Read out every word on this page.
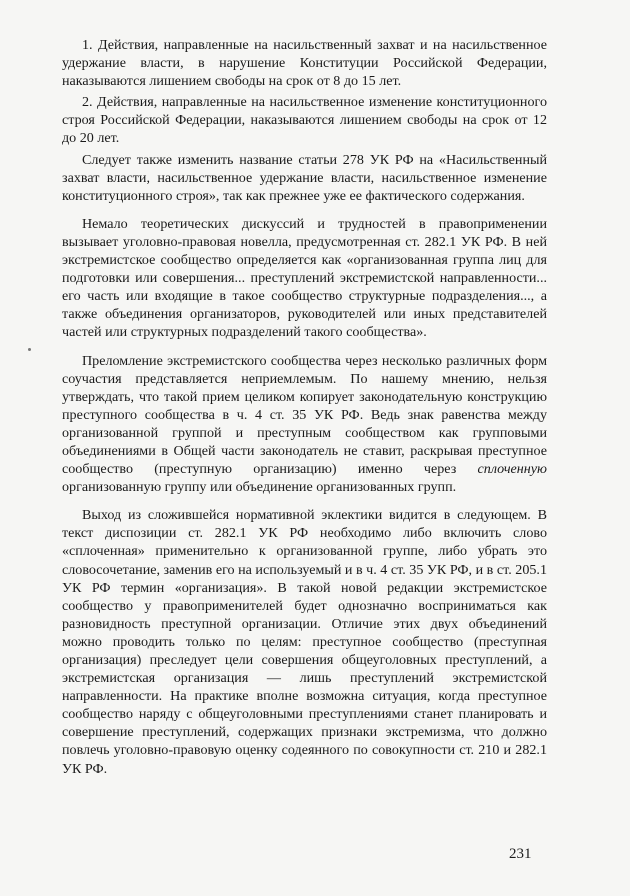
1. Действия, направленные на насильственный захват и на насильственное удержание власти, в нарушение Конституции Российской Федерации, наказываются лишением свободы на срок от 8 до 15 лет.

2. Действия, направленные на насильственное изменение конституционного строя Российской Федерации, наказываются лишением свободы на срок от 12 до 20 лет.

Следует также изменить название статьи 278 УК РФ на «Насильственный захват власти, насильственное удержание власти, насильственное изменение конституционного строя», так как прежнее уже ее фактического содержания.

Немало теоретических дискуссий и трудностей в правоприменении вызывает уголовно-правовая новелла, предусмотренная ст. 282.1 УК РФ. В ней экстремистское сообщество определяется как «организованная группа лиц для подготовки или совершения... преступлений экстремистской направленности... его часть или входящие в такое сообщество структурные подразделения..., а также объединения организаторов, руководителей или иных представителей частей или структурных подразделений такого сообщества».

Преломление экстремистского сообщества через несколько различных форм соучастия представляется неприемлемым. По нашему мнению, нельзя утверждать, что такой прием целиком копирует законодательную конструкцию преступного сообщества в ч. 4 ст. 35 УК РФ. Ведь знак равенства между организованной группой и преступным сообществом как групповыми объединениями в Общей части законодатель не ставит, раскрывая преступное сообщество (преступную организацию) именно через сплоченную организованную группу или объединение организованных групп.

Выход из сложившейся нормативной эклектики видится в следующем. В текст диспозиции ст. 282.1 УК РФ необходимо либо включить слово «сплоченная» применительно к организованной группе, либо убрать это словосочетание, заменив его на используемый и в ч. 4 ст. 35 УК РФ, и в ст. 205.1 УК РФ термин «организация». В такой новой редакции экстремистское сообщество у правоприменителей будет однозначно восприниматься как разновидность преступной организации. Отличие этих двух объединений можно проводить только по целям: преступное сообщество (преступная организация) преследует цели совершения общеуголовных преступлений, а экстремистская организация — лишь преступлений экстремистской направленности. На практике вполне возможна ситуация, когда преступное сообщество наряду с общеуголовными преступлениями станет планировать и совершение преступлений, содержащих признаки экстремизма, что должно повлечь уголовно-правовую оценку содеянного по совокупности ст. 210 и 282.1 УК РФ.

231
